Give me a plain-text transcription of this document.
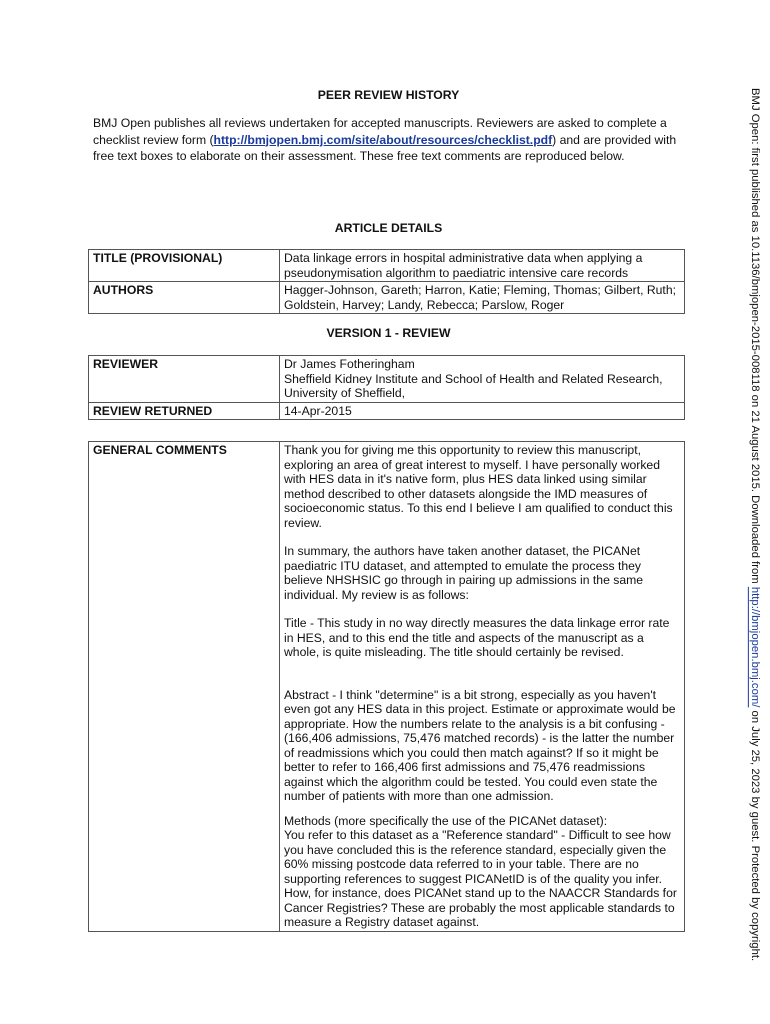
BMJ Open: first published as 10.1136/bmjopen-2015-008118 on 21 August 2015. Downloaded from http://bmjopen.bmj.com/ on July 25, 2023 by guest. Protected by copyright.
PEER REVIEW HISTORY
BMJ Open publishes all reviews undertaken for accepted manuscripts. Reviewers are asked to complete a checklist review form (http://bmjopen.bmj.com/site/about/resources/checklist.pdf) and are provided with free text boxes to elaborate on their assessment. These free text comments are reproduced below.
ARTICLE DETAILS
TITLE (PROVISIONAL)	Data linkage errors in hospital administrative data when applying a pseudonymisation algorithm to paediatric intensive care records
AUTHORS	Hagger-Johnson, Gareth; Harron, Katie; Fleming, Thomas; Gilbert, Ruth; Goldstein, Harvey; Landy, Rebecca; Parslow, Roger
VERSION 1 - REVIEW
REVIEWER	Dr James Fotheringham
Sheffield Kidney Institute and School of Health and Related Research, University of Sheffield,

REVIEW RETURNED	14-Apr-2015
GENERAL COMMENTS	Thank you for giving me this opportunity to review this manuscript, exploring an area of great interest to myself. I have personally worked with HES data in it's native form, plus HES data linked using similar method described to other datasets alongside the IMD measures of socioeconomic status. To this end I believe I am qualified to conduct this review.
In summary, the authors have taken another dataset, the PICANet paediatric ITU dataset, and attempted to emulate the process they believe NHSHSIC go through in pairing up admissions in the same individual. My review is as follows:
Title - This study in no way directly measures the data linkage error rate in HES, and to this end the title and aspects of the manuscript as a whole, is quite misleading. The title should certainly be revised.
Abstract - I think "determine" is a bit strong, especially as you haven't even got any HES data in this project. Estimate or approximate would be appropriate. How the numbers relate to the analysis is a bit confusing - (166,406 admissions, 75,476 matched records) - is the latter the number of readmissions which you could then match against? If so it might be better to refer to 166,406 first admissions and 75,476 readmissions against which the algorithm could be tested. You could even state the number of patients with more than one admission.
Methods (more specifically the use of the PICANet dataset):
You refer to this dataset as a "Reference standard" - Difficult to see how you have concluded this is the reference standard, especially given the 60% missing postcode data referred to in your table. There are no supporting references to suggest PICANetID is of the quality you infer. How, for instance, does PICANet stand up to the NAACCR Standards for Cancer Registries? These are probably the most applicable standards to measure a Registry dataset against.
